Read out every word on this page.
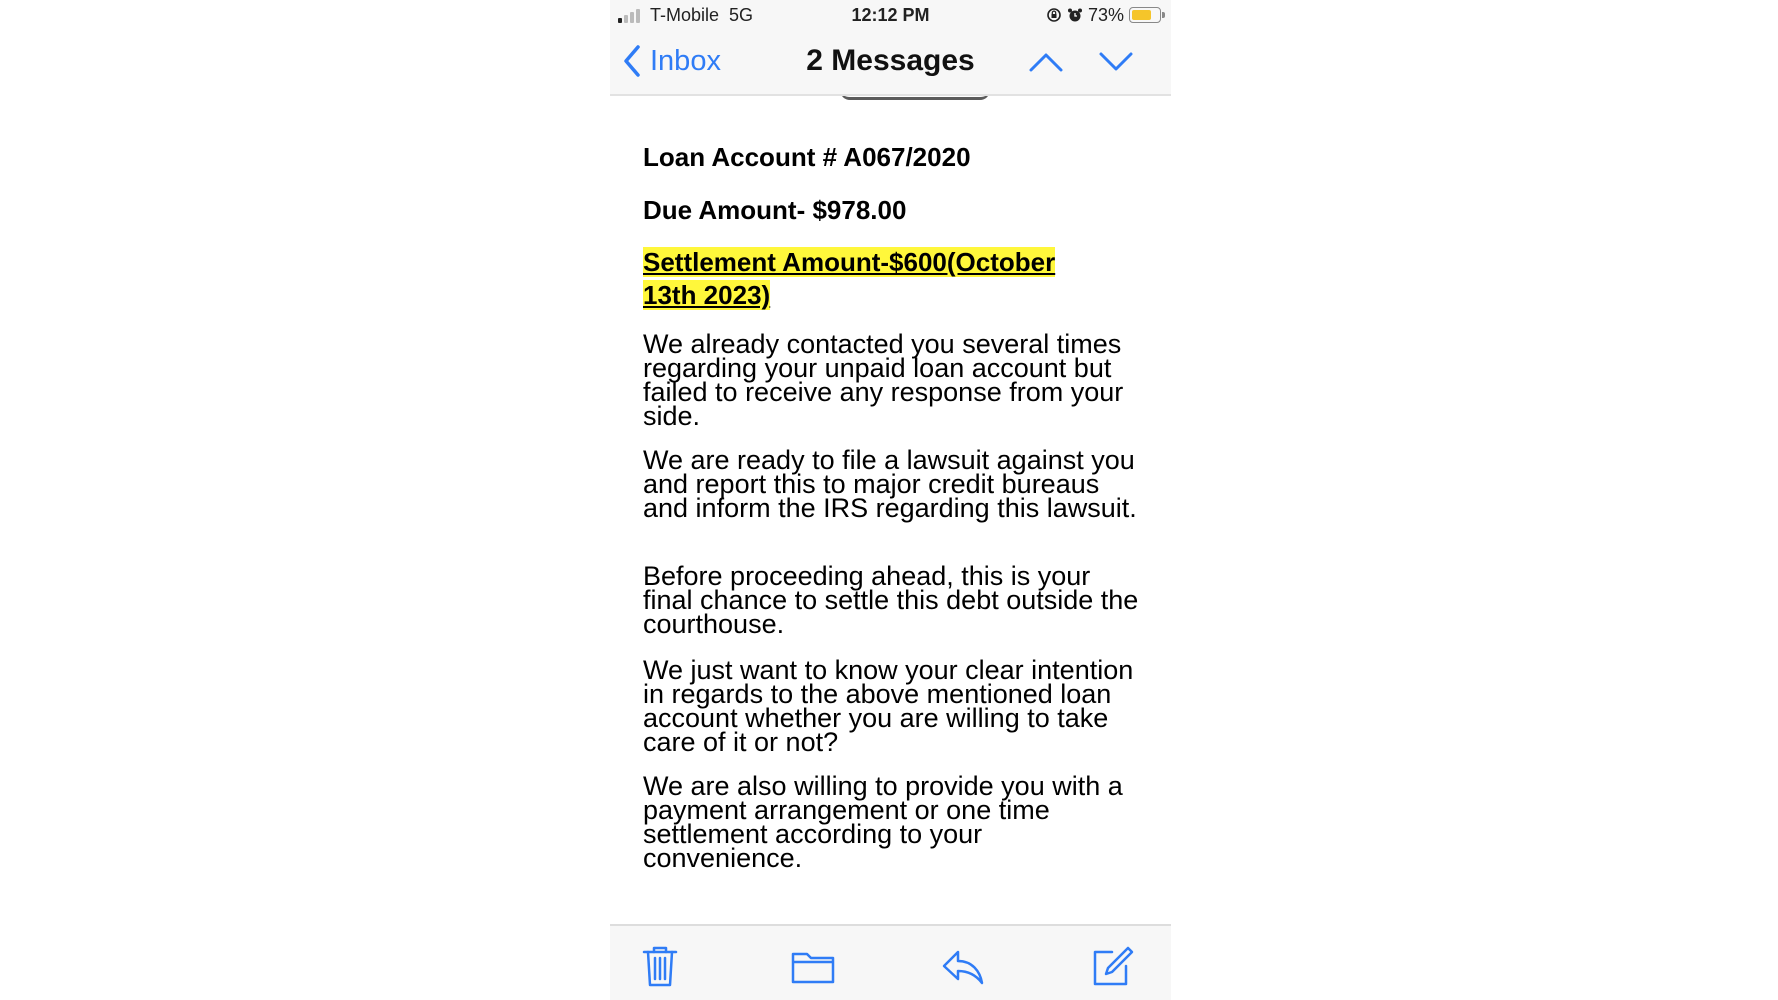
T-Mobile 5G	12:12 PM	73%
Inbox	2 Messages
Loan Account # A067/2020
Due Amount- $978.00
Settlement Amount-$600(October 13th 2023)
We already contacted you several times regarding your unpaid loan account but failed to receive any response from your side.
We are ready to file a lawsuit against you and report this to major credit bureaus and inform the IRS regarding this lawsuit.
Before proceeding ahead, this is your final chance to settle this debt outside the courthouse.
We just want to know your clear intention in regards to the above mentioned loan account whether you are willing to take care of it or not?
We are also willing to provide you with a payment arrangement or one time settlement according to your convenience.
